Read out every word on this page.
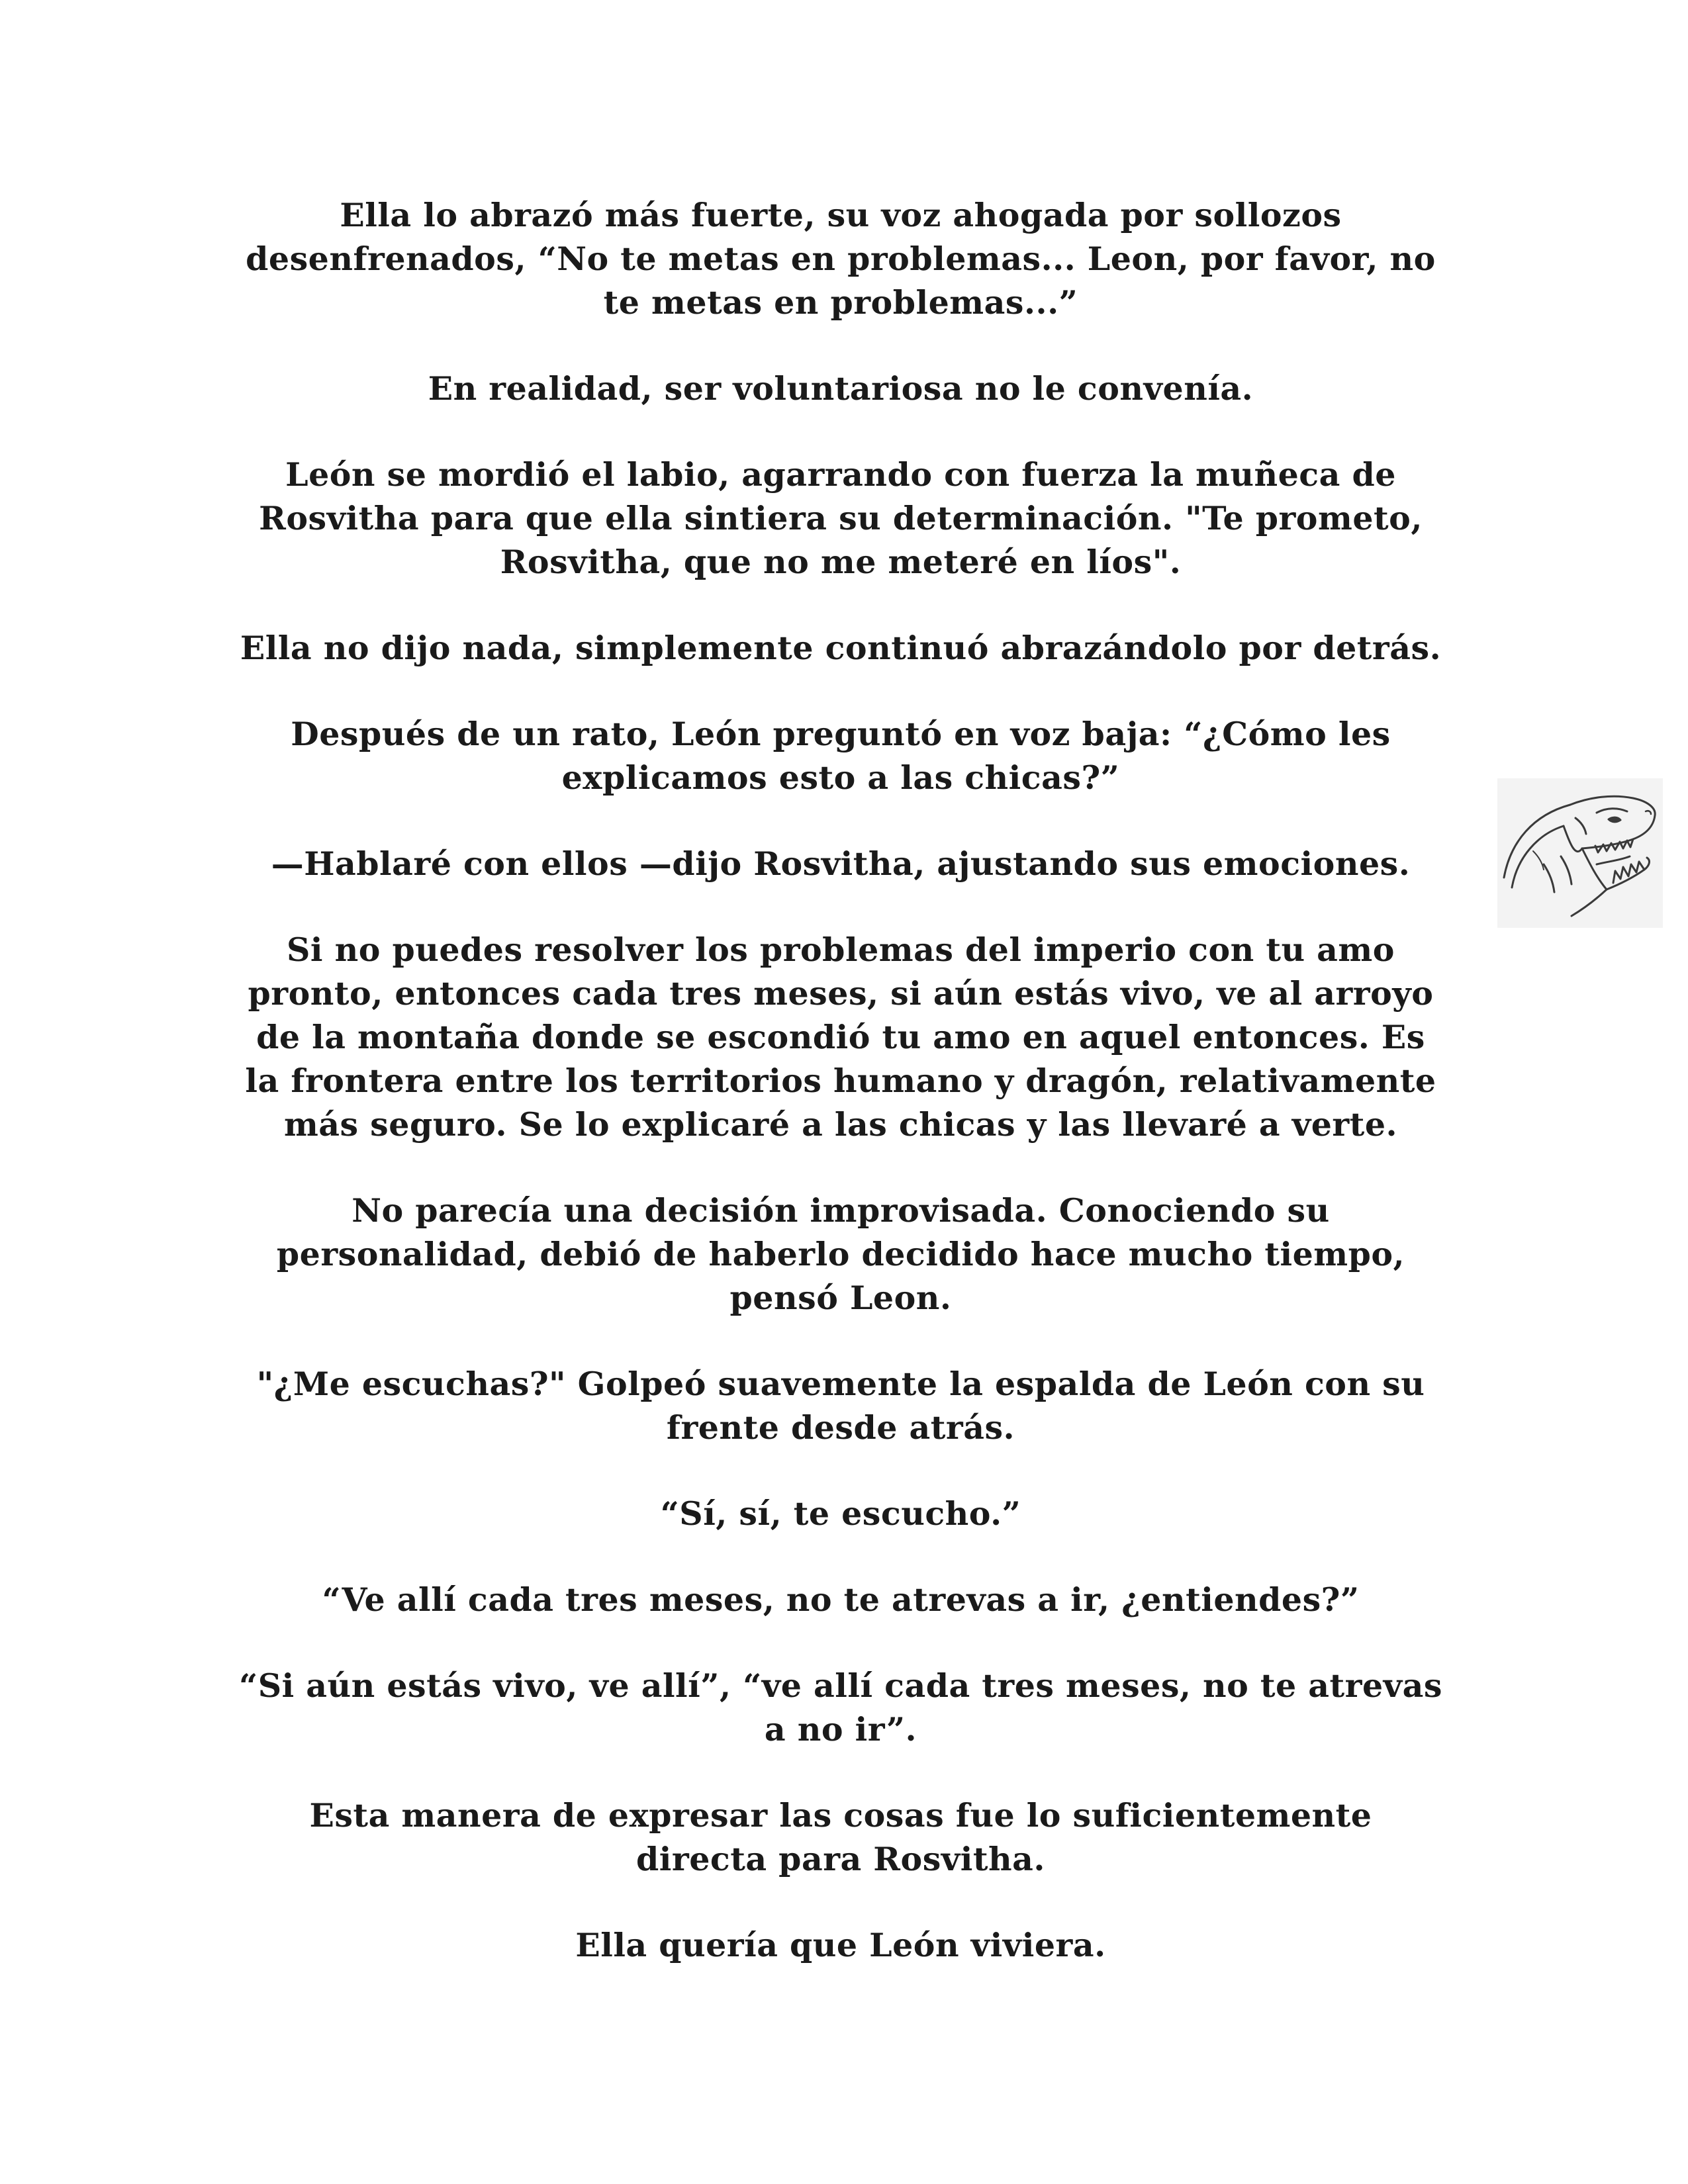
Ella lo abrazó más fuerte, su voz ahogada por sollozos desenfrenados, “No te metas en problemas... Leon, por favor, no te metas en problemas...”

En realidad, ser voluntariosa no le convenía.

León se mordió el labio, agarrando con fuerza la muñeca de Rosvitha para que ella sintiera su determinación. "Te prometo, Rosvitha, que no me meteré en líos".

Ella no dijo nada, simplemente continuó abrazándolo por detrás.

Después de un rato, León preguntó en voz baja: “¿Cómo les explicamos esto a las chicas?”

—Hablaré con ellos —dijo Rosvitha, ajustando sus emociones.

Si no puedes resolver los problemas del imperio con tu amo pronto, entonces cada tres meses, si aún estás vivo, ve al arroyo de la montaña donde se escondió tu amo en aquel entonces. Es la frontera entre los territorios humano y dragón, relativamente más seguro. Se lo explicaré a las chicas y las llevaré a verte.

No parecía una decisión improvisada. Conociendo su personalidad, debió de haberlo decidido hace mucho tiempo, pensó Leon.

"¿Me escuchas?" Golpeó suavemente la espalda de León con su frente desde atrás.

“Sí, sí, te escucho.”

“Ve allí cada tres meses, no te atrevas a ir, ¿entiendes?”

“Si aún estás vivo, ve allí”, “ve allí cada tres meses, no te atrevas a no ir”.

Esta manera de expresar las cosas fue lo suficientemente directa para Rosvitha.

Ella quería que León viviera.
